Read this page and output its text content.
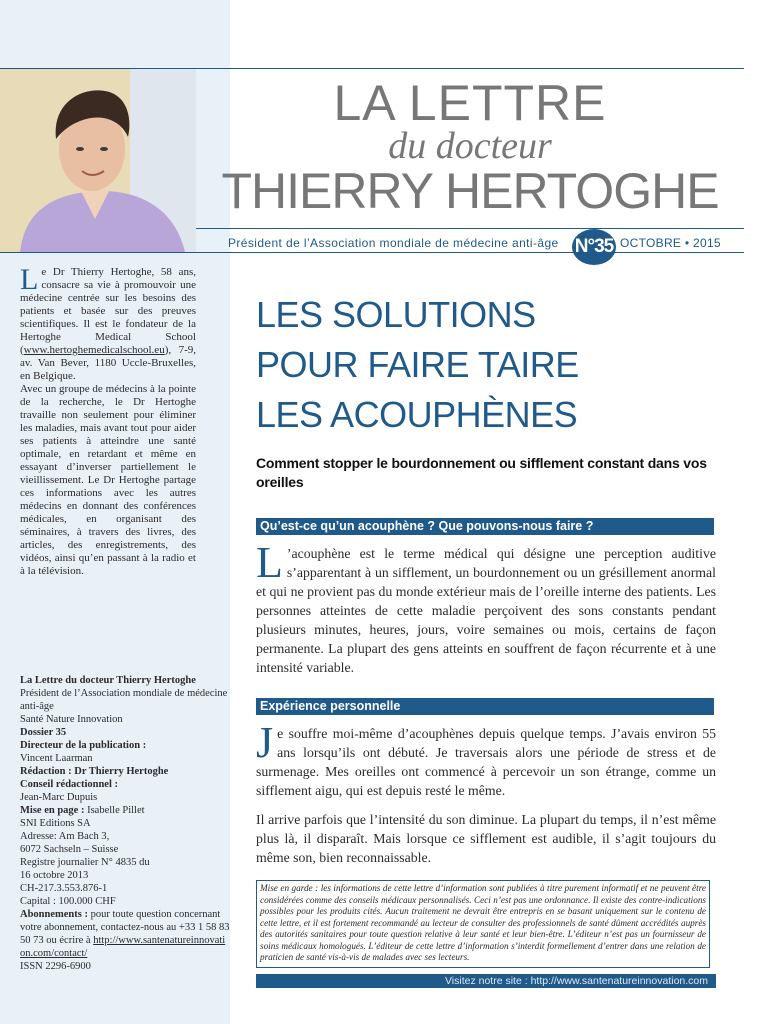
LA LETTRE
du docteur
THIERRY HERTOGHE
Président de l’Association mondiale de médecine anti-âge N°35 OCTOBRE • 2015
Le Dr Thierry Hertoghe, 58 ans, consacre sa vie à promouvoir une médecine centrée sur les besoins des patients et basée sur des preuves scientifiques. Il est le fondateur de la Hertoghe Medical School (www.hertoghemedicalschool.eu), 7-9, av. Van Bever, 1180 Uccle-Bruxelles, en Belgique.
Avec un groupe de médecins à la pointe de la recherche, le Dr Hertoghe travaille non seulement pour éliminer les maladies, mais avant tout pour aider ses patients à atteindre une santé optimale, en retardant et même en essayant d’inverser partiellement le vieillissement. Le Dr Hertoghe partage ces informations avec les autres médecins en donnant des conférences médicales, en organisant des séminaires, à travers des livres, des articles, des enregistrements, des vidéos, ainsi qu’en passant à la radio et à la télévision.
La Lettre du docteur Thierry Hertoghe
Président de l’Association mondiale de médecine anti-âge
Santé Nature Innovation
Dossier 35
Directeur de la publication :
Vincent Laarman
Rédaction : Dr Thierry Hertoghe
Conseil rédactionnel :
Jean-Marc Dupuis
Mise en page : Isabelle Pillet
SNI Editions SA
Adresse: Am Bach 3,
6072 Sachseln – Suisse
Registre journalier N° 4835 du
16 octobre 2013
CH-217.3.553.876-1
Capital : 100.000 CHF
Abonnements : pour toute question concernant votre abonnement, contactez-nous au +33 1 58 83 50 73 ou écrire à http://www.santenatureinnovation.com/contact/
ISSN 2296-6900
LES SOLUTIONS
POUR FAIRE TAIRE
LES ACOUPHÈNES
Comment stopper le bourdonnement ou sifflement constant dans vos oreilles
Qu’est-ce qu’un acouphène ? Que pouvons-nous faire ?
L ’acouphène est le terme médical qui désigne une perception auditive s’apparentant à un sifflement, un bourdonnement ou un grésillement anormal et qui ne provient pas du monde extérieur mais de l’oreille interne des patients. Les personnes atteintes de cette maladie perçoivent des sons constants pendant plusieurs minutes, heures, jours, voire semaines ou mois, certains de façon permanente. La plupart des gens atteints en souffrent de façon récurrente et à une intensité variable.
Expérience personnelle
Je souffre moi-même d’acouphènes depuis quelque temps. J’avais environ 55 ans lorsqu’ils ont débuté. Je traversais alors une période de stress et de surmenage. Mes oreilles ont commencé à percevoir un son étrange, comme un sifflement aigu, qui est depuis resté le même.
Il arrive parfois que l’intensité du son diminue. La plupart du temps, il n’est même plus là, il disparaît. Mais lorsque ce sifflement est audible, il s’agit toujours du même son, bien reconnaissable.
Mise en garde : les informations de cette lettre d’information sont publiées à titre purement informatif et ne peuvent être considérées comme des conseils médicaux personnalisés. Ceci n’est pas une ordonnance. Il existe des contre-indications possibles pour les produits cités. Aucun traitement ne devrait être entrepris en se basant uniquement sur le contenu de cette lettre, et il est fortement recommandé au lecteur de consulter des professionnels de santé dûment accrédités auprès des autorités sanitaires pour toute question relative à leur santé et leur bien-être. L’éditeur n’est pas un fournisseur de soins médicaux homologués. L’éditeur de cette lettre d’information s’interdit formellement d’entrer dans une relation de praticien de santé vis-à-vis de malades avec ses lecteurs.
Visitez notre site : http://www.santenatureinnovation.com
